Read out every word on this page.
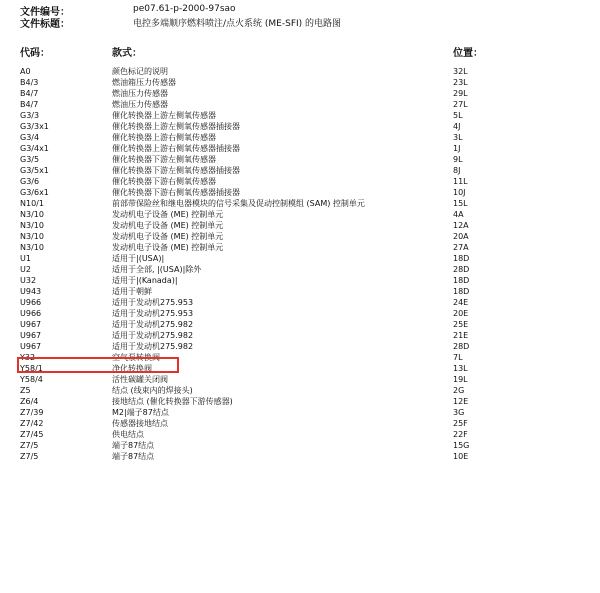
文件编号：	pe07.61-p-2000-97sao
文件标题：	电控多端顺序燃料喷注/点火系统 (ME-SFI) 的电路图
代码：	款式：	位置：
A0	颜色标记的说明	32L
B4/3	燃油箱压力传感器	23L
B4/7	燃油压力传感器	29L
B4/7	燃油压力传感器	27L
G3/3	催化转换器上游左侧氧传感器	5L
G3/3x1	催化转换器上游左侧氧传感器插接器	4J
G3/4	催化转换器上游右侧氧传感器	3L
G3/4x1	催化转换器上游右侧氧传感器插接器	1J
G3/5	催化转换器下游左侧氧传感器	9L
G3/5x1	催化转换器下游左侧氧传感器插接器	8J
G3/6	催化转换器下游右侧氧传感器	11L
G3/6x1	催化转换器下游右侧氧传感器插接器	10J
N10/1	前部带保险丝和继电器模块的信号采集及促动控制模组 (SAM) 控制单元	15L
N3/10	发动机电子设备 (ME) 控制单元	4A
N3/10	发动机电子设备 (ME) 控制单元	12A
N3/10	发动机电子设备 (ME) 控制单元	20A
N3/10	发动机电子设备 (ME) 控制单元	27A
U1	适用于|(USA)|	18D
U2	适用于全部, |(USA)|除外	28D
U32	适用于|(Kanada)|	18D
U943	适用于朝鲜	18D
U966	适用于发动机275.953	24E
U966	适用于发动机275.953	20E
U967	适用于发动机275.982	25E
U967	适用于发动机275.982	21E
U967	适用于发动机275.982	28D
Y32	空气泵转换阀	7L
Y58/1	净化转换阀	13L
Y58/4	活性碳罐关闭阀	19L
Z5	结点 (线束内的焊接头)	2G
Z6/4	接地结点 (催化转换器下游传感器)	12E
Z7/39	M2|端子87结点	3G
Z7/42	传感器接地结点	25F
Z7/45	供电结点	22F
Z7/5	端子87结点	15G
Z7/5	端子87结点	10E
